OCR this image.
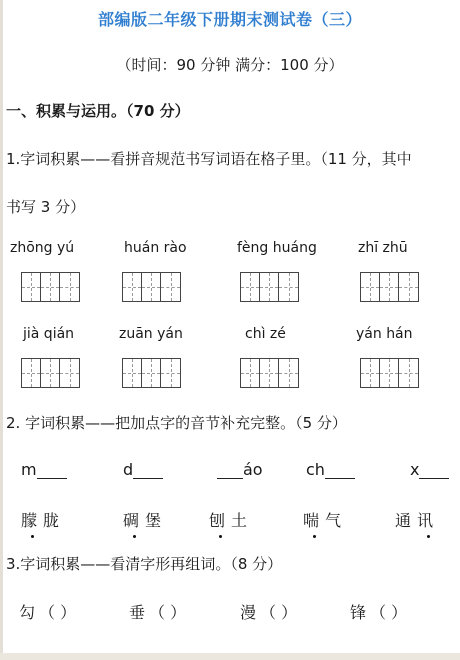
部编版二年级下册期末测试卷（三）
（时间：90 分钟 满分：100 分）
一、积累与运用。（70 分）
1.字词积累——看拼音规范书写词语在格子里。（11 分，其中
书写 3 分）
zhōng yú	huán rào	fèng huáng	zhī zhū
jià qián	zuān yán	chì zé	yán hán
2. 字词积累——把加点字的音节补充完整。（5 分）
m	d	áo	ch	x
朦胧	碉堡	刨土	喘气	通讯
3.字词积累——看清字形再组词。（8 分）
勾 （ ）	垂 （ ）	漫 （ ）	锋 （ ）
